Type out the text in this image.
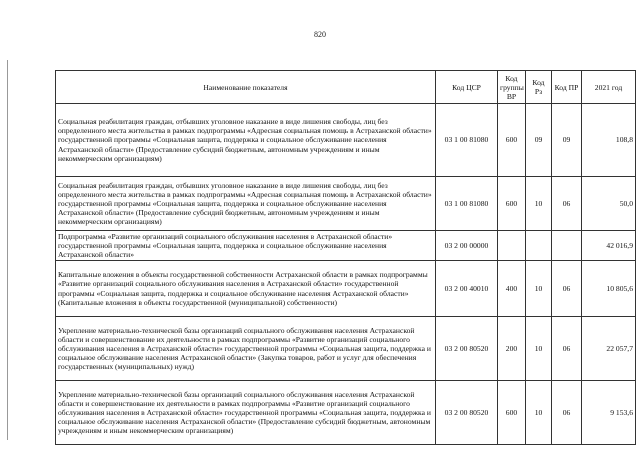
820
Наименование показателя	Код ЦСР	Код группы ВР	Код Рз	Код ПР	2021 год
Социальная реабилитация граждан, отбывших уголовное наказание в виде лишения свободы, лиц без определенного места жительства в рамках подпрограммы «Адресная социальная помощь в Астраханской области» государственной программы «Социальная защита, поддержка и социальное обслуживание населения Астраханской области» (Предоставление субсидий бюджетным, автономным учреждениям и иным некоммерческим организациям)	03 1 00 81080	600	09	09	108,8
Социальная реабилитация граждан, отбывших уголовное наказание в виде лишения свободы, лиц без определенного места жительства в рамках подпрограммы «Адресная социальная помощь в Астраханской области» государственной программы «Социальная защита, поддержка и социальное обслуживание населения Астраханской области» (Предоставление субсидий бюджетным, автономным учреждениям и иным некоммерческим организациям)	03 1 00 81080	600	10	06	50,0
Подпрограмма «Развитие организаций социального обслуживания населения в Астраханской области» государственной программы «Социальная защита, поддержка и социальное обслуживание населения Астраханской области»	03 2 00 00000				42 016,9
Капитальные вложения в объекты государственной собственности Астраханской области в рамках подпрограммы «Развитие организаций социального обслуживания населения в Астраханской области» государственной программы «Социальная защита, поддержка и социальное обслуживание населения Астраханской области» (Капитальные вложения в объекты государственной (муниципальной) собственности)	03 2 00 40010	400	10	06	10 805,6
Укрепление материально-технической базы организаций социального обслуживания населения Астраханской области и совершенствование их деятельности в рамках подпрограммы «Развитие организаций социального обслуживания населения в Астраханской области» государственной программы «Социальная защита, поддержка и социальное обслуживание населения Астраханской области» (Закупка товаров, работ и услуг для обеспечения государственных (муниципальных) нужд)	03 2 00 80520	200	10	06	22 057,7
Укрепление материально-технической базы организаций социального обслуживания населения Астраханской области и совершенствование их деятельности в рамках подпрограммы «Развитие организаций социального обслуживания населения в Астраханской области» государственной программы «Социальная защита, поддержка и социальное обслуживание населения Астраханской области» (Предоставление субсидий бюджетным, автономным учреждениям и иным некоммерческим организациям)	03 2 00 80520	600	10	06	9 153,6
